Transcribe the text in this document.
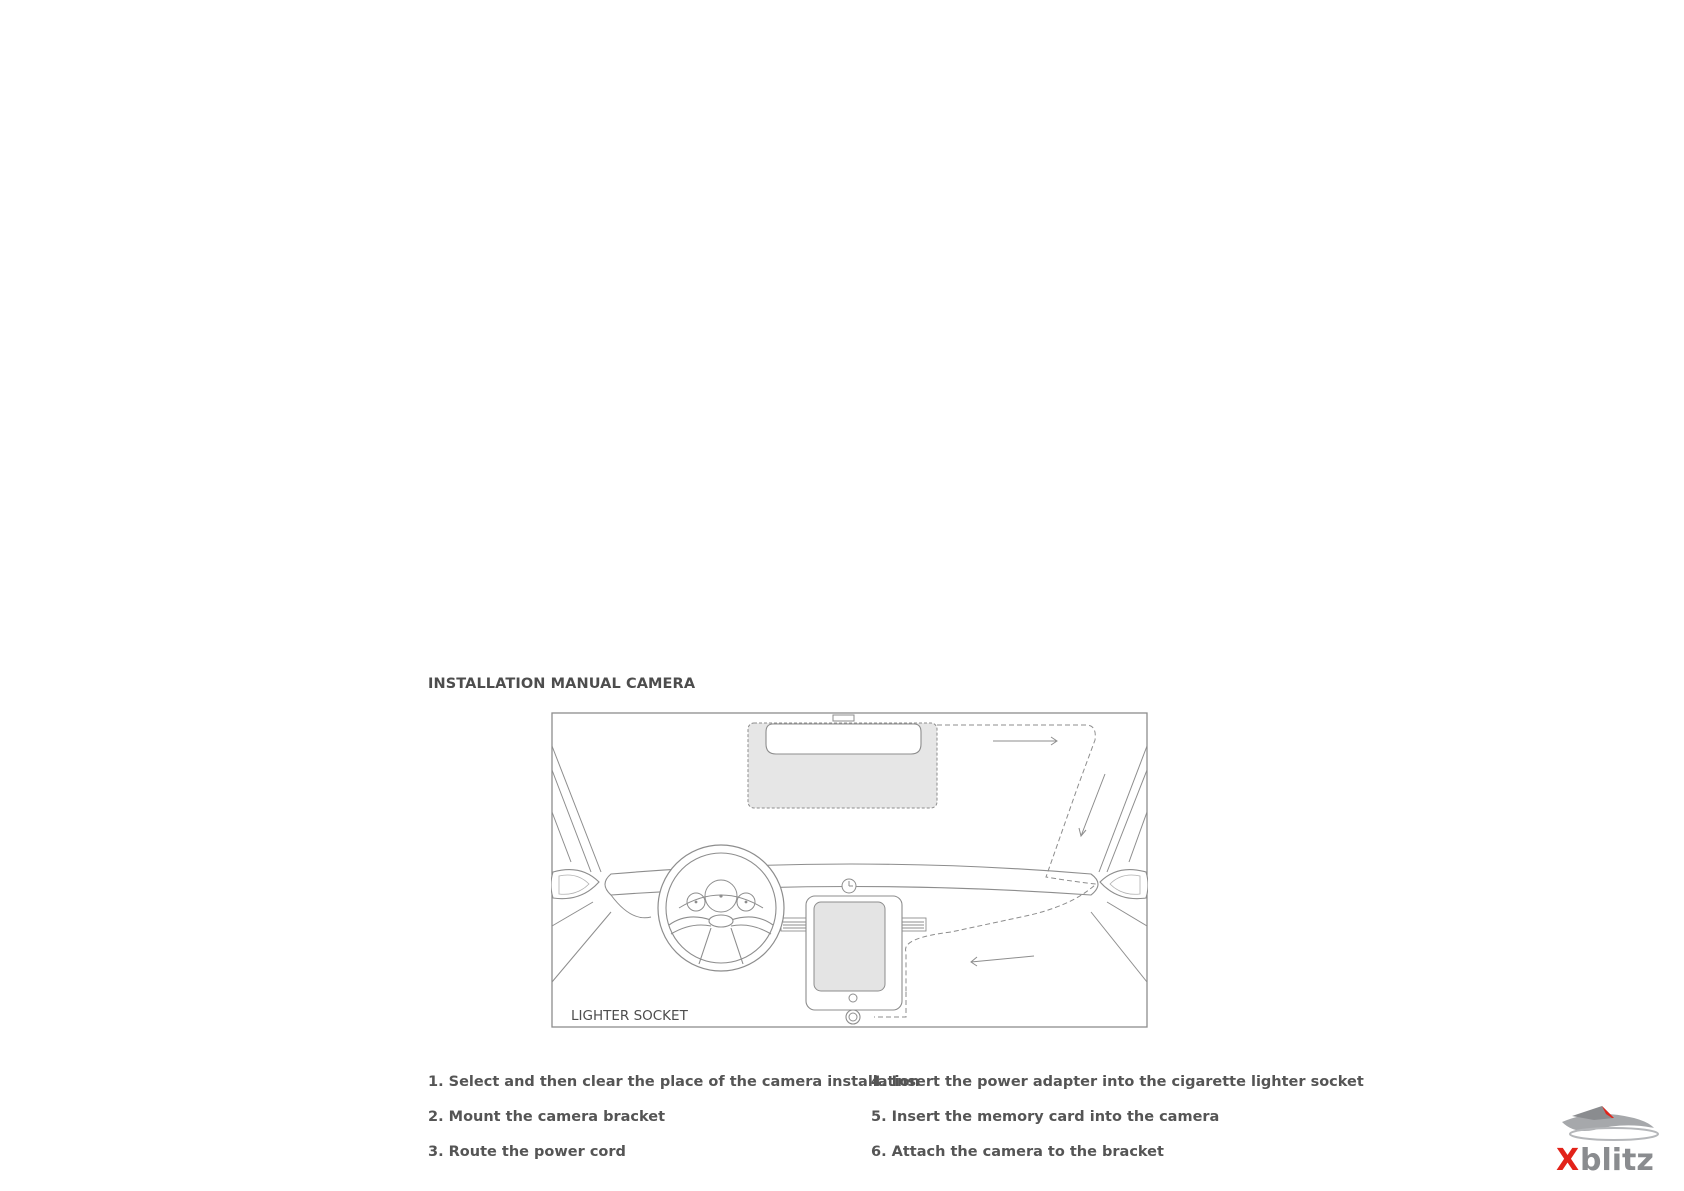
INSTALLATION MANUAL CAMERA
LIGHTER SOCKET
1. Select and then clear the place of the camera installation
2. Mount the camera bracket
3. Route the power cord
4. Insert the power adapter into the cigarette lighter socket
5. Insert the memory card into the camera
6. Attach the camera to the bracket	X blitz
